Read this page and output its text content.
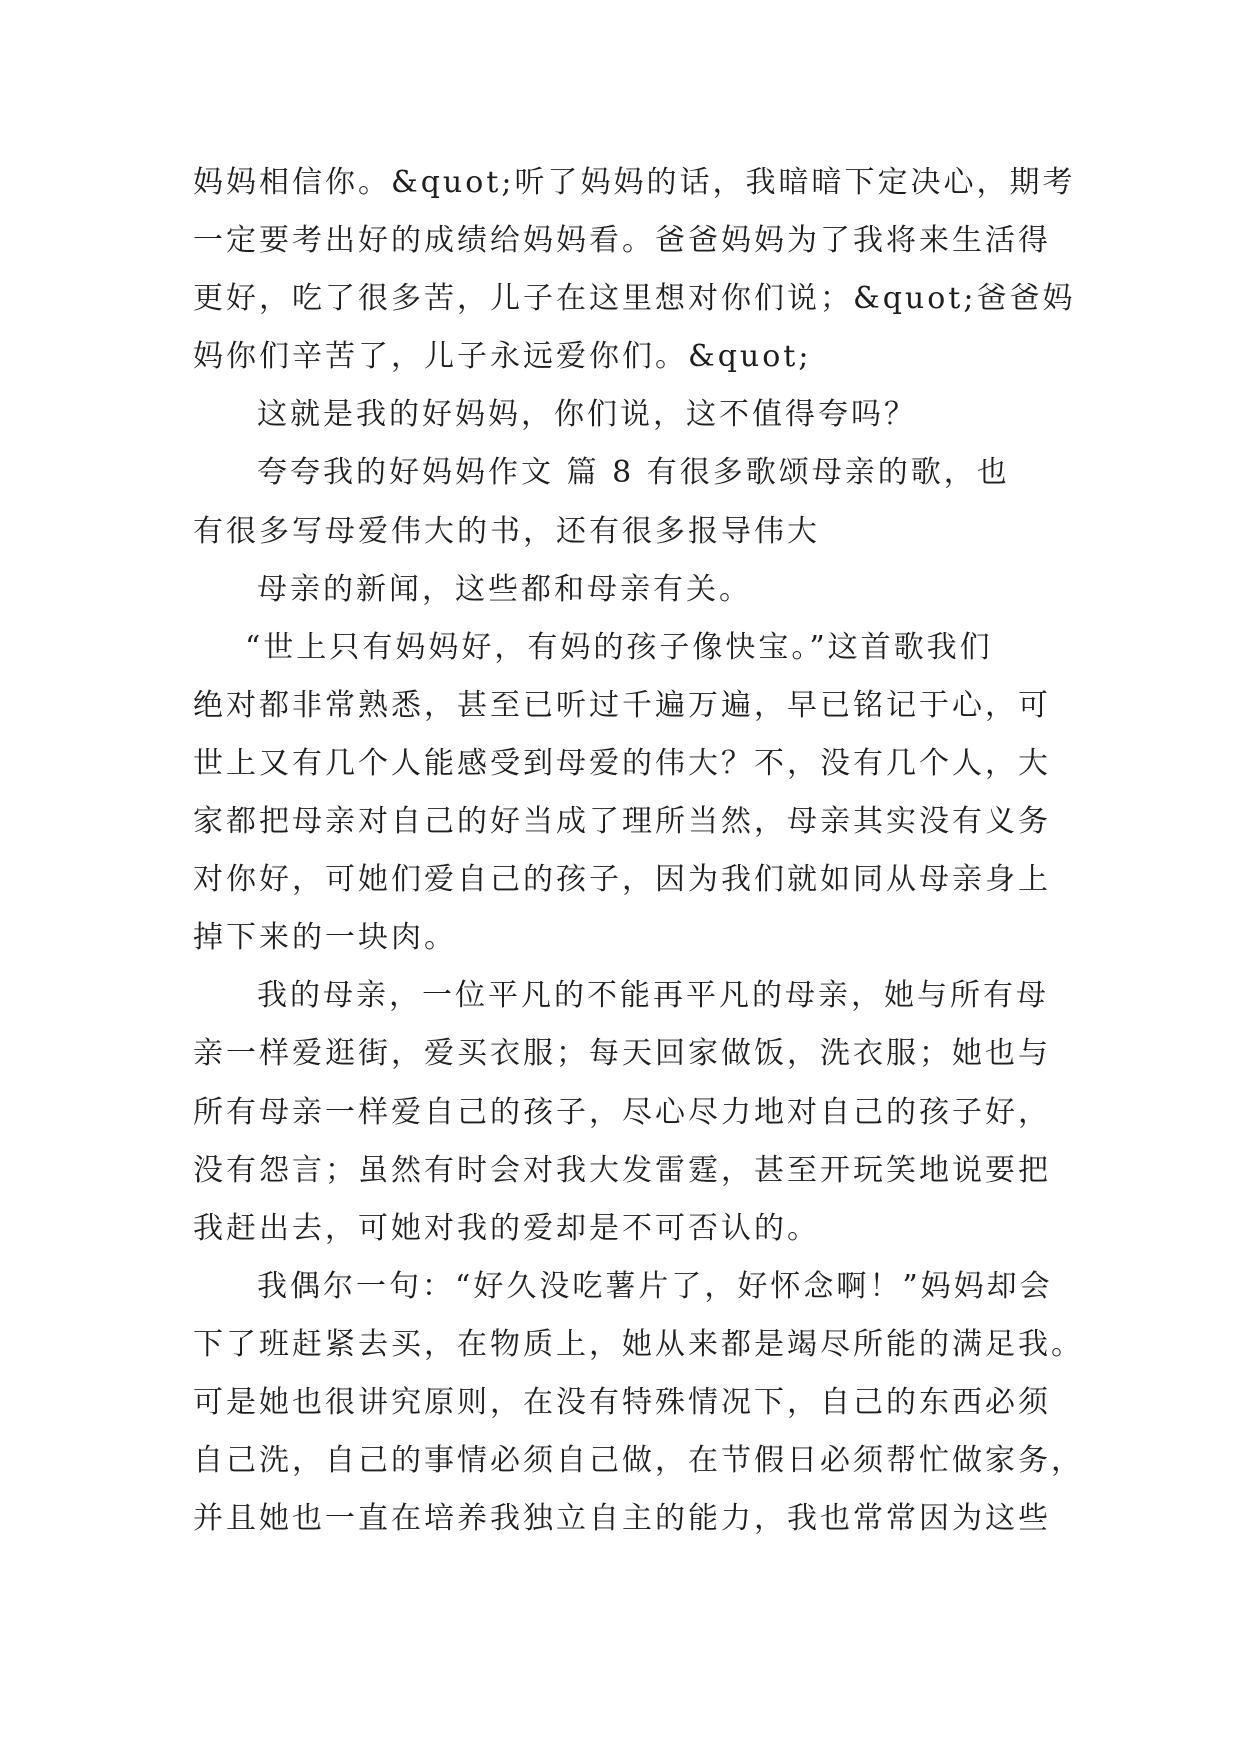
妈妈相信你。&quot;听了妈妈的话，我暗暗下定决心，期考
一定要考出好的成绩给妈妈看。爸爸妈妈为了我将来生活得
更好，吃了很多苦，儿子在这里想对你们说；&quot;爸爸妈
妈你们辛苦了，儿子永远爱你们。&quot;
这就是我的好妈妈，你们说，这不值得夸吗？
夸夸我的好妈妈作文 篇 8 有很多歌颂母亲的歌，也
有很多写母爱伟大的书，还有很多报导伟大
母亲的新闻，这些都和母亲有关。
“世上只有妈妈好，有妈的孩子像快宝。”这首歌我们
绝对都非常熟悉，甚至已听过千遍万遍，早已铭记于心，可
世上又有几个人能感受到母爱的伟大？不，没有几个人，大
家都把母亲对自己的好当成了理所当然，母亲其实没有义务
对你好，可她们爱自己的孩子，因为我们就如同从母亲身上
掉下来的一块肉。
我的母亲，一位平凡的不能再平凡的母亲，她与所有母
亲一样爱逛街，爱买衣服；每天回家做饭，洗衣服；她也与
所有母亲一样爱自己的孩子，尽心尽力地对自己的孩子好，
没有怨言；虽然有时会对我大发雷霆，甚至开玩笑地说要把
我赶出去，可她对我的爱却是不可否认的。
我偶尔一句：“好久没吃薯片了，好怀念啊！”妈妈却会
下了班赶紧去买，在物质上，她从来都是竭尽所能的满足我。
可是她也很讲究原则，在没有特殊情况下，自己的东西必须
自己洗，自己的事情必须自己做，在节假日必须帮忙做家务，
并且她也一直在培养我独立自主的能力，我也常常因为这些
